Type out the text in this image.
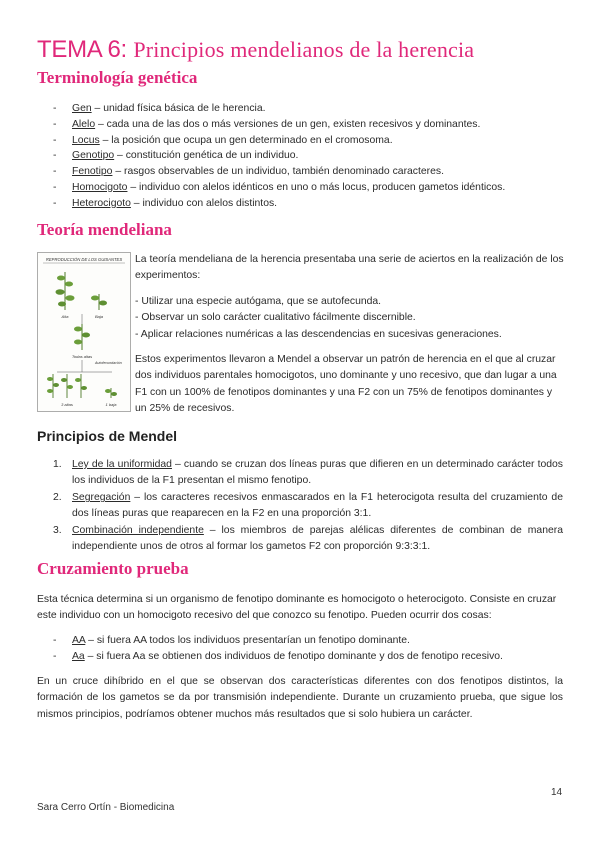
TEMA 6: Principios mendelianos de la herencia
Terminología genética
- Gen – unidad física básica de le herencia.
- Alelo – cada una de las dos o más versiones de un gen, existen recesivos y dominantes.
- Locus – la posición que ocupa un gen determinado en el cromosoma.
- Genotipo – constitución genética de un individuo.
- Fenotipo – rasgos observables de un individuo, también denominado caracteres.
- Homocigoto – individuo con alelos idénticos en uno o más locus, producen gametos idénticos.
- Heterocigoto – individuo con alelos distintos.
Teoría mendeliana
REPRODUCCIÓN DE LOS GUISANTES
Alta	Baja
Todas altas
Autofecundación
3 altas	1 baja
La teoría mendeliana de la herencia presentaba una serie de aciertos en la realización de los
experimentos:
- Utilizar una especie autógama, que se autofecunda.
- Observar un solo carácter cualitativo fácilmente discernible.
- Aplicar relaciones numéricas a las descendencias en sucesivas generaciones.
Estos experimentos llevaron a Mendel a observar un patrón de herencia en el que al cruzar
dos individuos parentales homocigotos, uno dominante y uno recesivo, que dan lugar a una
F1 con un 100% de fenotipos dominantes y una F2 con un 75% de fenotipos dominantes y
un 25% de recesivos.
Principios de Mendel
1. Ley de la uniformidad – cuando se cruzan dos líneas puras que difieren en un determinado carácter todos los individuos de la F1 presentan el mismo fenotipo.
2. Segregación – los caracteres recesivos enmascarados en la F1 heterocigota resulta del cruzamiento de dos líneas puras que reaparecen en la F2 en una proporción 3:1.
3. Combinación independiente – los miembros de parejas alélicas diferentes de combinan de manera independiente unos de otros al formar los gametos F2 con proporción 9:3:3:1.
Cruzamiento prueba
Esta técnica determina si un organismo de fenotipo dominante es homocigoto o heterocigoto. Consiste en cruzar
este individuo con un homocigoto recesivo del que conozco su fenotipo. Pueden ocurrir dos cosas:
- AA – si fuera AA todos los individuos presentarían un fenotipo dominante.
- Aa – si fuera Aa se obtienen dos individuos de fenotipo dominante y dos de fenotipo recesivo.
En un cruce dihíbrido en el que se observan dos características diferentes con dos fenotipos distintos, la formación de los gametos se da por transmisión independiente. Durante un cruzamiento prueba, que sigue los mismos principios, podríamos obtener muchos más resultados que si solo hubiera un carácter.
14
Sara Cerro Ortín - Biomedicina
